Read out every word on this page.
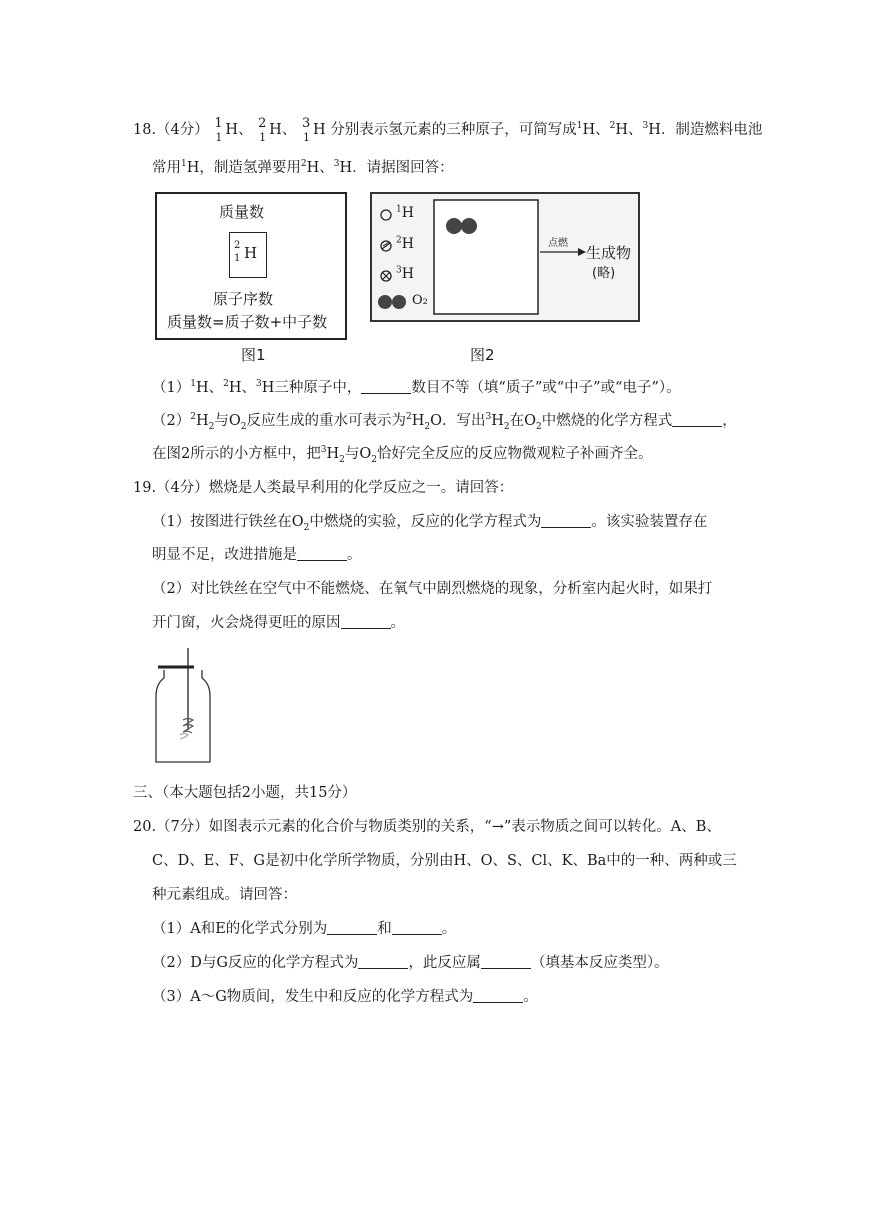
18.（4分） 1
1 H、 2
1 H、 3
1 H 分别表示氢元素的三种原子，可简写成$^1$H、$^2$H、$^3$H．制造燃料电池
常用$^1$H，制造氢弹要用$^2$H、$^3$H．请据图回答：
质量数
2
1 H
原子序数
质量数=质子数+中子数
图1
$^1$H
$^2$H
$^3$H
O₂
点燃
生成物
(略)
图2
$(1)^1H$、$^2$H、$^3$H三种原子中，	数目不等（填“质子”或“中子”或“电子”）。
$(2)^2H_2$与$O_2$反应生成的重水可表示为$^2H_2O$．写出$^3H_2$在$O_2$中燃烧的化学方程式	，
在图2所示的小方框中，把$^3H_2$与$O_2$恰好完全反应的反应物微观粒子补画齐全。
19.（4分）燃烧是人类最早利用的化学反应之一。请回答：
（1）按图进行铁丝在$O_2$中燃烧的实验，反应的化学方程式为	。该实验装置存在
明显不足，改进措施是	。
（2）对比铁丝在空气中不能燃烧、在氧气中剧烈燃烧的现象，分析室内起火时，如果打
开门窗，火会烧得更旺的原因	。
三、（本大题包括2小题，共15分）
20.（7分）如图表示元素的化合价与物质类别的关系，“→”表示物质之间可以转化。A、B、
C、D、E、F、G是初中化学所学物质，分别由H、O、S、Cl、K、Ba中的一种、两种或三
种元素组成。请回答：
（1）A和E的化学式分别为	和	。
（2）D与G反应的化学方程式为	，此反应属	（填基本反应类型）。
（3）A～G物质间，发生中和反应的化学方程式为	。
